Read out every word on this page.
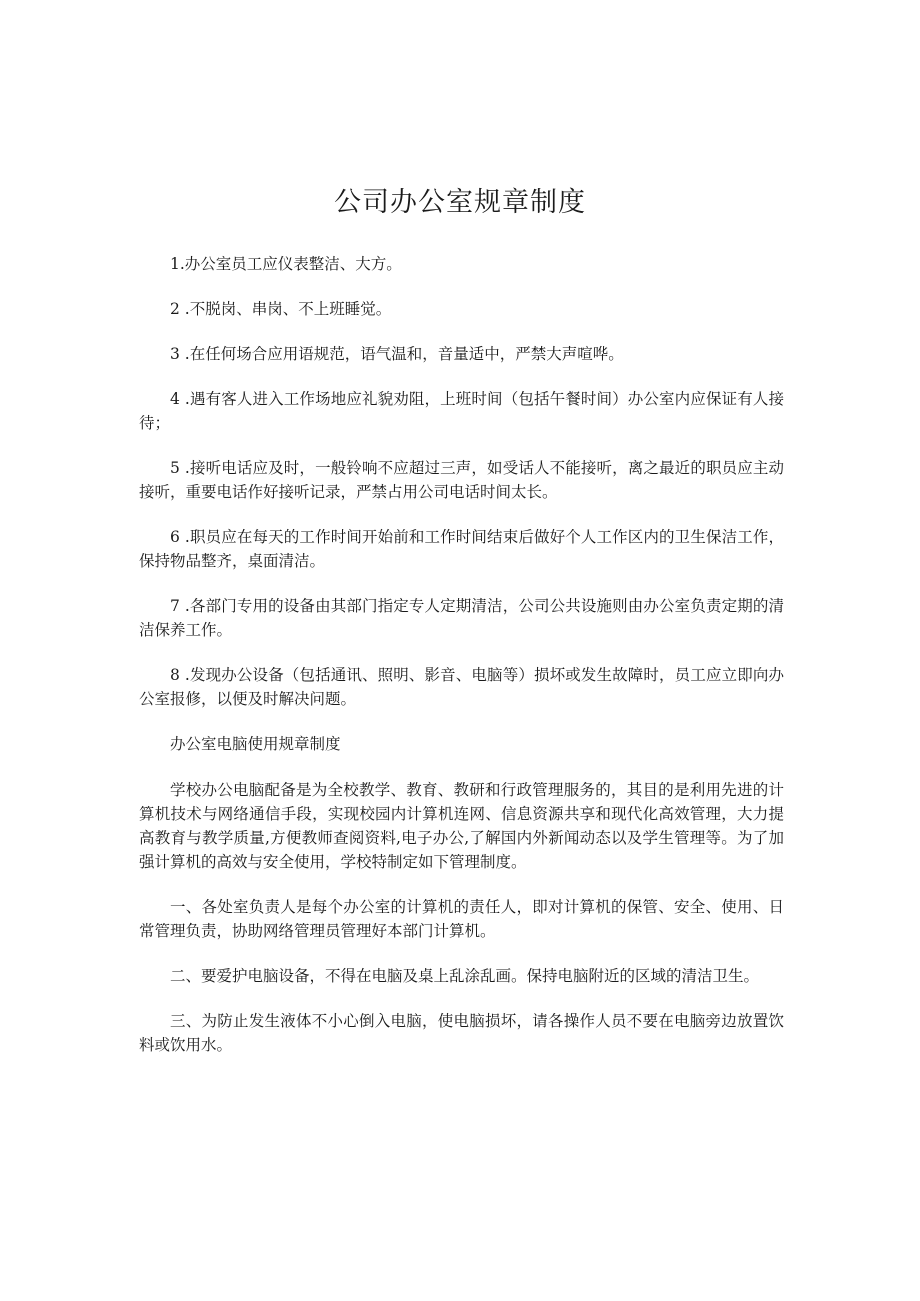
公司办公室规章制度

1.办公室员工应仪表整洁、大方。

2 .不脱岗、串岗、不上班睡觉。

3 .在任何场合应用语规范，语气温和，音量适中，严禁大声喧哗。

4 .遇有客人进入工作场地应礼貌劝阻，上班时间（包括午餐时间）办公室内应保证有人接待；

5 .接听电话应及时，一般铃响不应超过三声，如受话人不能接听，离之最近的职员应主动接听，重要电话作好接听记录，严禁占用公司电话时间太长。

6 .职员应在每天的工作时间开始前和工作时间结束后做好个人工作区内的卫生保洁工作，保持物品整齐，桌面清洁。

7 .各部门专用的设备由其部门指定专人定期清洁，公司公共设施则由办公室负责定期的清洁保养工作。

8 .发现办公设备（包括通讯、照明、影音、电脑等）损坏或发生故障时，员工应立即向办公室报修，以便及时解决问题。

办公室电脑使用规章制度

学校办公电脑配备是为全校教学、教育、教研和行政管理服务的，其目的是利用先进的计算机技术与网络通信手段，实现校园内计算机连网、信息资源共享和现代化高效管理，大力提高教育与教学质量,方便教师查阅资料,电子办公,了解国内外新闻动态以及学生管理等。为了加强计算机的高效与安全使用，学校特制定如下管理制度。

一、各处室负责人是每个办公室的计算机的责任人，即对计算机的保管、安全、使用、日常管理负责，协助网络管理员管理好本部门计算机。

二、要爱护电脑设备，不得在电脑及桌上乱涂乱画。保持电脑附近的区域的清洁卫生。

三、为防止发生液体不小心倒入电脑，使电脑损坏，请各操作人员不要在电脑旁边放置饮料或饮用水。
